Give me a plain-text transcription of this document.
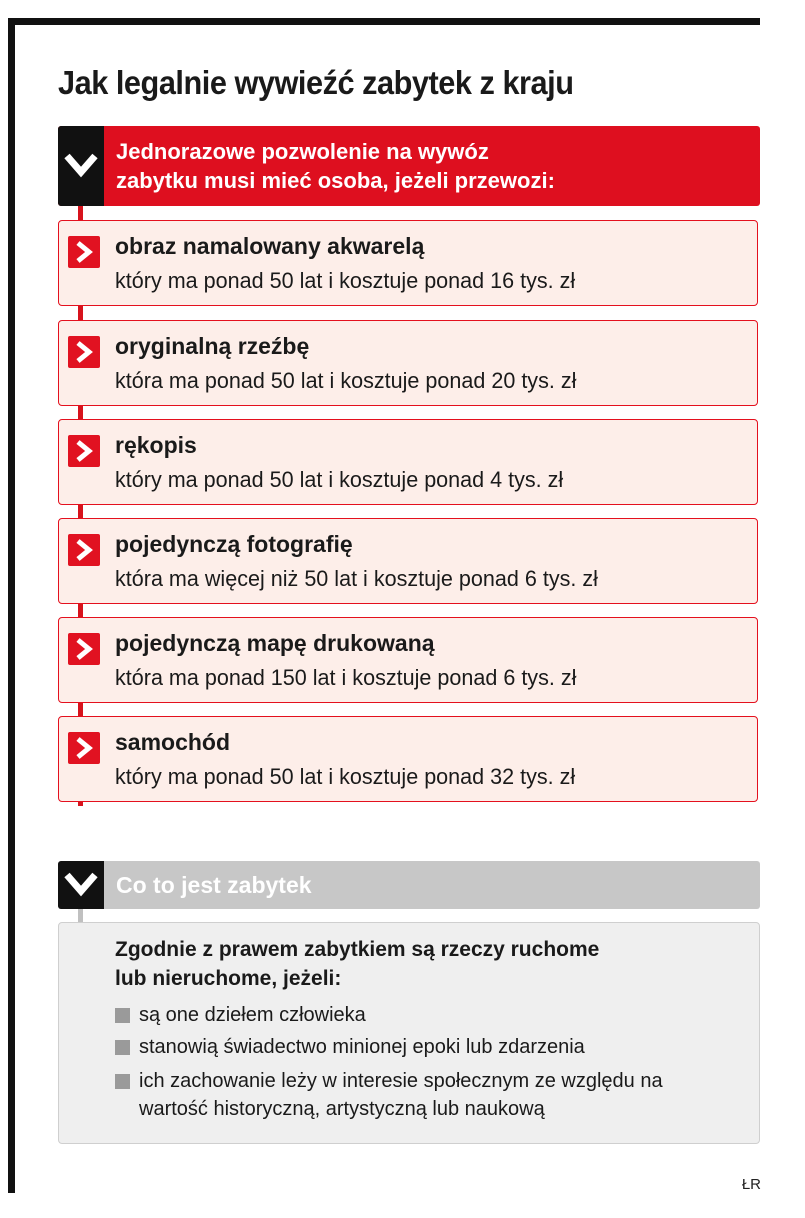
Jak legalnie wywieźć zabytek z kraju
Jednorazowe pozwolenie na wywóz
zabytku musi mieć osoba, jeżeli przewozi:
obraz namalowany akwarelą
który ma ponad 50 lat i kosztuje ponad 16 tys. zł
oryginalną rzeźbę
która ma ponad 50 lat i kosztuje ponad 20 tys. zł
rękopis
który ma ponad 50 lat i kosztuje ponad 4 tys. zł
pojedynczą fotografię
która ma więcej niż 50 lat i kosztuje ponad 6 tys. zł
pojedynczą mapę drukowaną
która ma ponad 150 lat i kosztuje ponad 6 tys. zł
samochód
który ma ponad 50 lat i kosztuje ponad 32 tys. zł
Co to jest zabytek
Zgodnie z prawem zabytkiem są rzeczy ruchome
lub nieruchome, jeżeli:
są one dziełem człowieka
stanowią świadectwo minionej epoki lub zdarzenia
ich zachowanie leży w interesie społecznym ze względu na wartość historyczną, artystyczną lub naukową
ŁR
